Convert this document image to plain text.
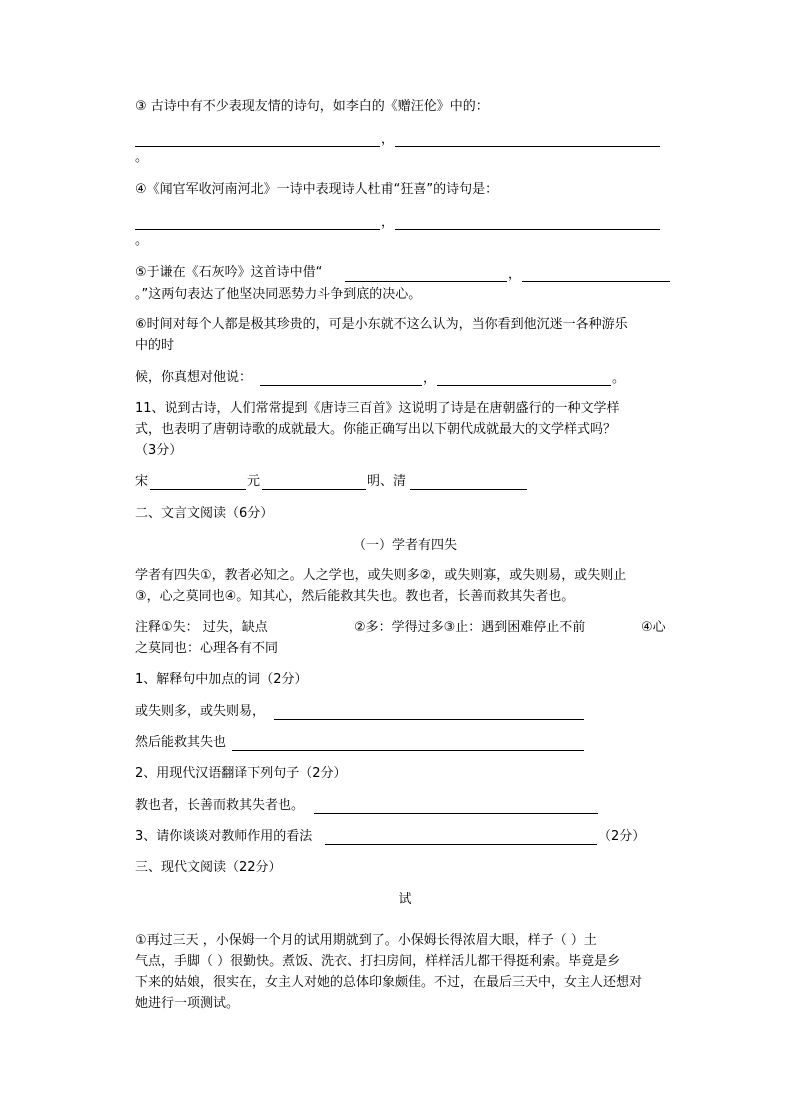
③ 古诗中有不少表现友情的诗句，如李白的《赠汪伦》中的：
，
。
④《闻官军收河南河北》一诗中表现诗人杜甫“狂喜”的诗句是：
，
。
⑤于谦在《石灰吟》这首诗中借“	，
。”这两句表达了他坚决同恶势力斗争到底的决心。
⑥时间对每个人都是极其珍贵的，可是小东就不这么认为，当你看到他沉迷一各种游乐
中的时
候，你真想对他说：	，	。
11、说到古诗，人们常常提到《唐诗三百首》这说明了诗是在唐朝盛行的一种文学样
式，也表明了唐朝诗歌的成就最大。你能正确写出以下朝代成就最大的文学样式吗？
（3分）
宋	元	明、清
二、文言文阅读（6分）
（一）学者有四失
学者有四失①，教者必知之。人之学也，或失则多②，或失则寡，或失则易，或失则止
③，心之莫同也④。知其心，然后能救其失也。教也者，长善而救其失者也。
注释①失： 过失，缺点	②多：学得过多③止：遇到困难停止不前	④心
之莫同也：心理各有不同
1、解释句中加点的词（2分）
或失则多，或失则易，
然后能救其失也
2、用现代汉语翻译下列句子（2分）
教也者，长善而救其失者也。
3、请你谈谈对教师作用的看法	（2分）
三、现代文阅读（22分）
试
①再过三天 ，小保姆一个月的试用期就到了。小保姆长得浓眉大眼，样子（ ）土
气点，手脚（ ）很勤快。煮饭、洗衣、打扫房间，样样活儿都干得挺利索。毕竟是乡
下来的姑娘，很实在，女主人对她的总体印象颇佳。不过，在最后三天中，女主人还想对
她进行一项测试。
